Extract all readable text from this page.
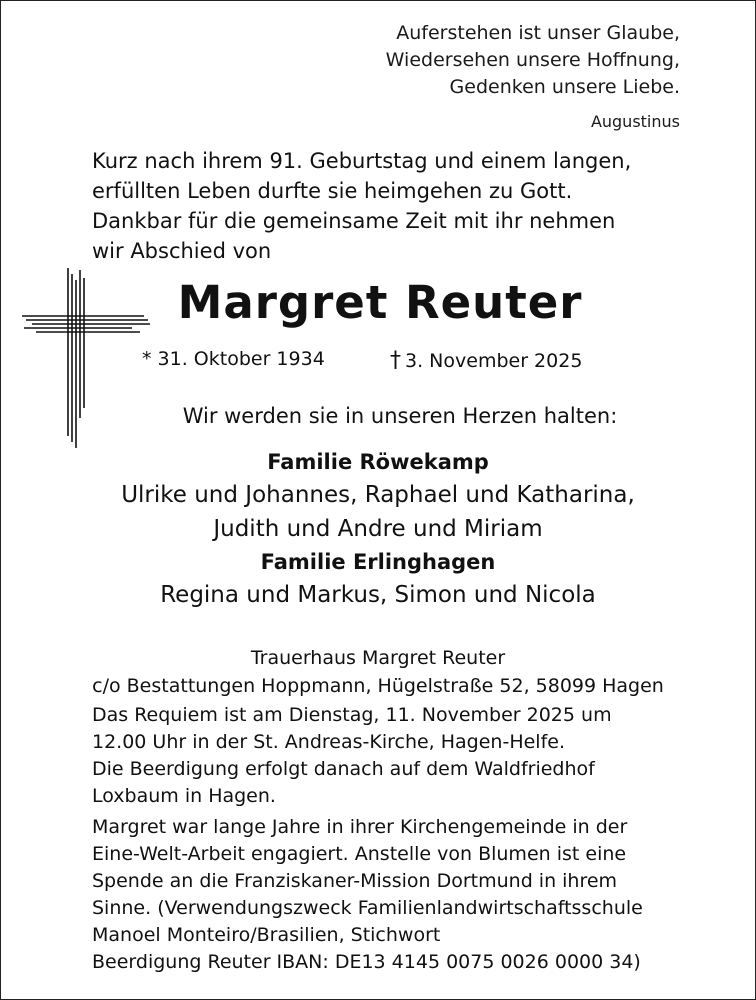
Auferstehen ist unser Glaube,
Wiedersehen unsere Hoffnung,
Gedenken unsere Liebe.
Augustinus
Kurz nach ihrem 91. Geburtstag und einem langen,
erfüllten Leben durfte sie heimgehen zu Gott.
Dankbar für die gemeinsame Zeit mit ihr nehmen
wir Abschied von
Margret Reuter
* 31. Oktober 1934	† 3. November 2025
Wir werden sie in unseren Herzen halten:
Familie Röwekamp
Ulrike und Johannes, Raphael und Katharina,
Judith und Andre und Miriam
Familie Erlinghagen
Regina und Markus, Simon und Nicola
Trauerhaus Margret Reuter
c/o Bestattungen Hoppmann, Hügelstraße 52, 58099 Hagen
Das Requiem ist am Dienstag, 11. November 2025 um
12.00 Uhr in der St. Andreas-Kirche, Hagen-Helfe.
Die Beerdigung erfolgt danach auf dem Waldfriedhof
Loxbaum in Hagen.
Margret war lange Jahre in ihrer Kirchengemeinde in der
Eine-Welt-Arbeit engagiert. Anstelle von Blumen ist eine
Spende an die Franziskaner-Mission Dortmund in ihrem
Sinne. (Verwendungszweck Familienlandwirtschaftsschule
Manoel Monteiro/Brasilien, Stichwort
Beerdigung Reuter IBAN: DE13 4145 0075 0026 0000 34)
